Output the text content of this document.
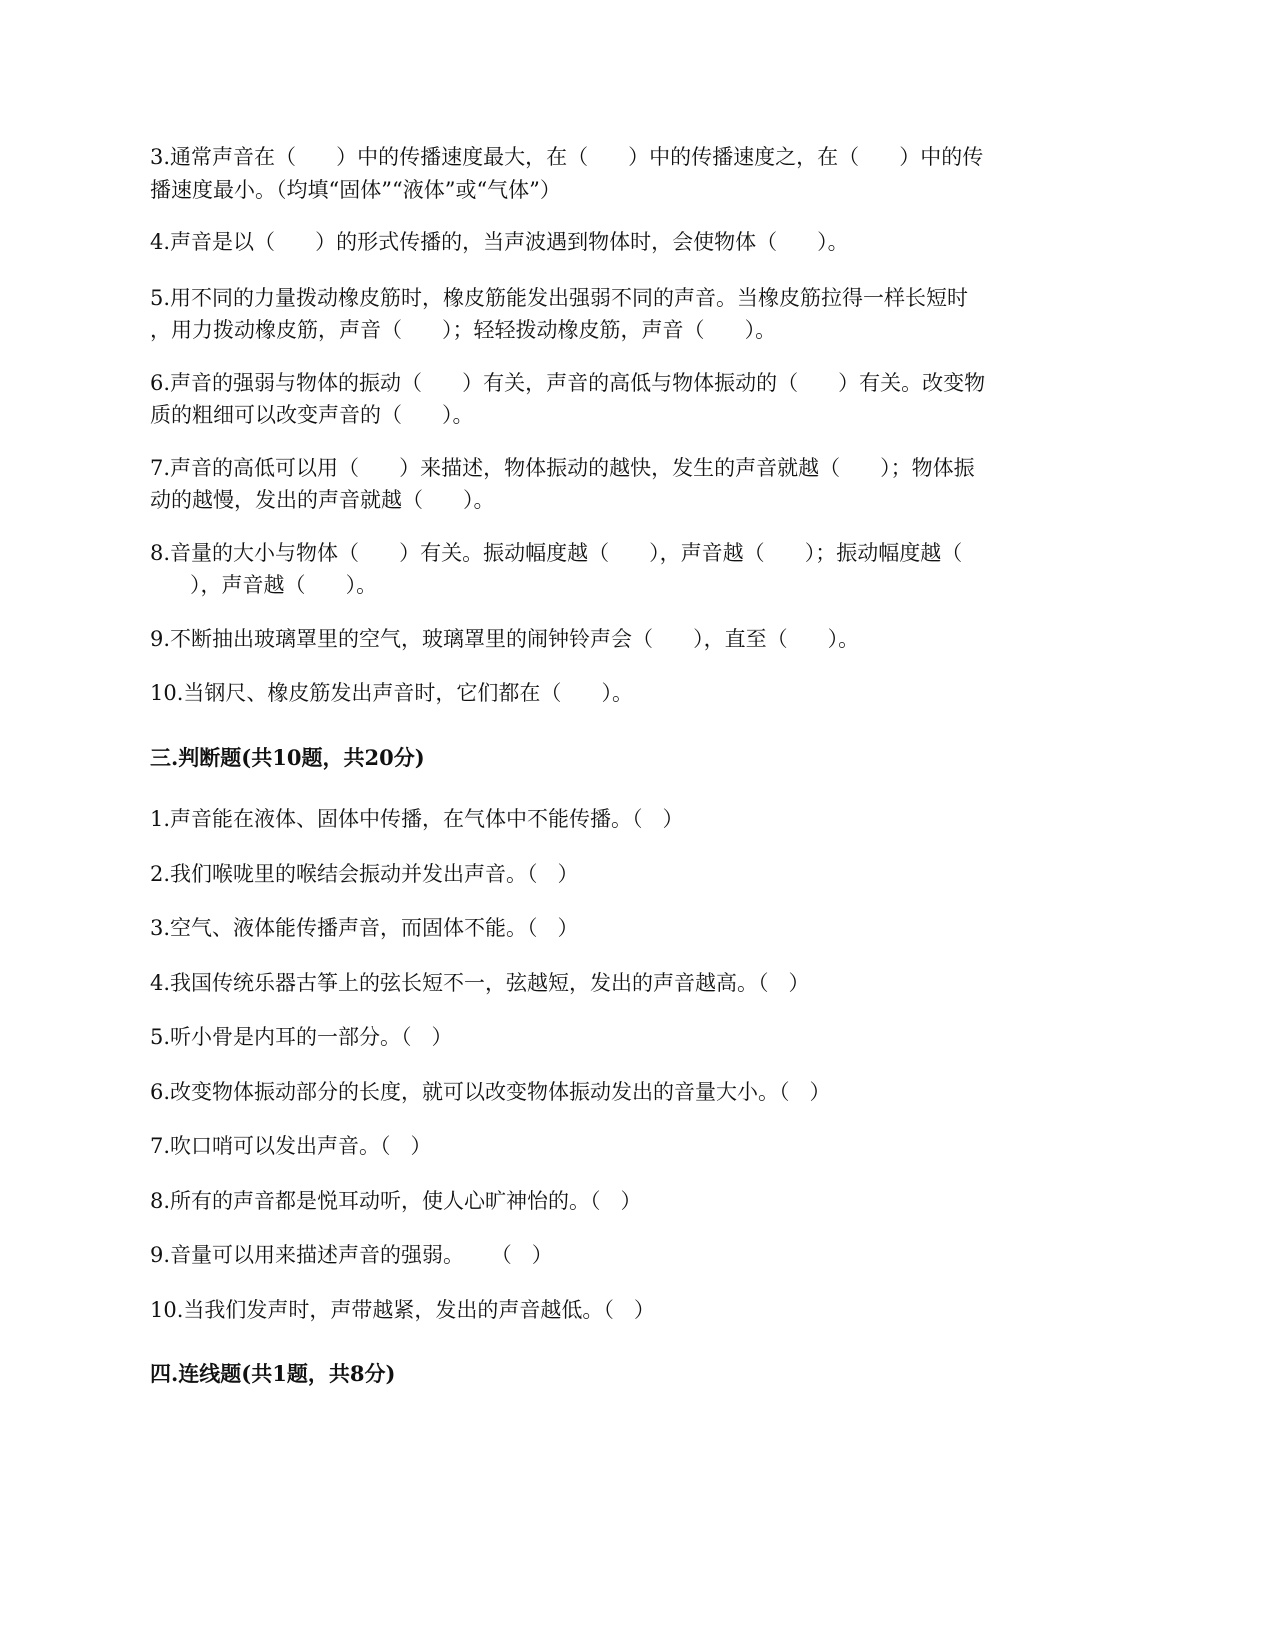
3.通常声音在（      ）中的传播速度最大，在（      ）中的传播速度之，在（      ）中的传
播速度最小。（均填“固体”“液体”或“气体”）
4.声音是以（      ）的形式传播的，当声波遇到物体时，会使物体（      ）。
5.用不同的力量拨动橡皮筋时，橡皮筋能发出强弱不同的声音。当橡皮筋拉得一样长短时
，用力拨动橡皮筋，声音（      ）；轻轻拨动橡皮筋，声音（      ）。
6.声音的强弱与物体的振动（      ）有关，声音的高低与物体振动的（      ）有关。改变物
质的粗细可以改变声音的（      ）。
7.声音的高低可以用（      ）来描述，物体振动的越快，发生的声音就越（      ）；物体振
动的越慢，发出的声音就越（      ）。
8.音量的大小与物体（      ）有关。振动幅度越（      ），声音越（      ）；振动幅度越（
），声音越（      ）。
9.不断抽出玻璃罩里的空气，玻璃罩里的闹钟铃声会（      ），直至（      ）。
10.当钢尺、橡皮筋发出声音时，它们都在（      ）。
三.判断题(共10题，共20分)
1.声音能在液体、固体中传播，在气体中不能传播。（   ）
2.我们喉咙里的喉结会振动并发出声音。（   ）
3.空气、液体能传播声音，而固体不能。（   ）
4.我国传统乐器古筝上的弦长短不一，弦越短，发出的声音越高。（   ）
5.听小骨是内耳的一部分。（   ）
6.改变物体振动部分的长度，就可以改变物体振动发出的音量大小。（   ）
7.吹口哨可以发出声音。（   ）
8.所有的声音都是悦耳动听，使人心旷神怡的。（   ）
9.音量可以用来描述声音的强弱。    （   ）
10.当我们发声时，声带越紧，发出的声音越低。（   ）
四.连线题(共1题，共8分)
